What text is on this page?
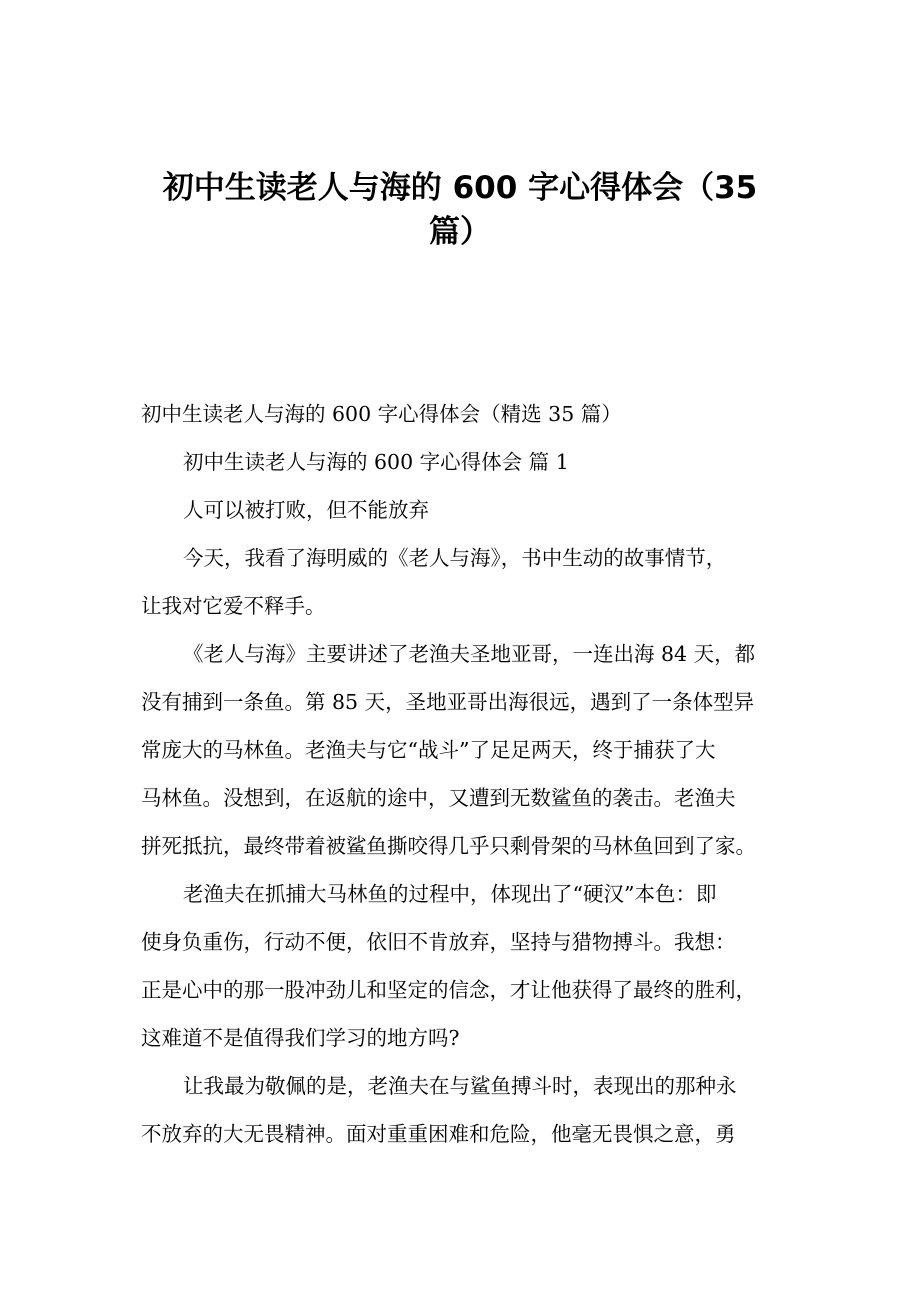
初中生读老人与海的 600 字心得体会（35
篇）
初中生读老人与海的 600 字心得体会（精选 35 篇）
初中生读老人与海的 600 字心得体会 篇 1
人可以被打败，但不能放弃
今天，我看了海明威的《老人与海》，书中生动的故事情节，
让我对它爱不释手。
《老人与海》主要讲述了老渔夫圣地亚哥，一连出海 84 天，都
没有捕到一条鱼。第 85 天，圣地亚哥出海很远，遇到了一条体型异
常庞大的马林鱼。老渔夫与它“战斗”了足足两天，终于捕获了大
马林鱼。没想到，在返航的途中，又遭到无数鲨鱼的袭击。老渔夫
拼死抵抗，最终带着被鲨鱼撕咬得几乎只剩骨架的马林鱼回到了家。
老渔夫在抓捕大马林鱼的过程中，体现出了“硬汉”本色：即
使身负重伤，行动不便，依旧不肯放弃，坚持与猎物搏斗。我想：
正是心中的那一股冲劲儿和坚定的信念，才让他获得了最终的胜利，
这难道不是值得我们学习的地方吗?
让我最为敬佩的是，老渔夫在与鲨鱼搏斗时，表现出的那种永
不放弃的大无畏精神。面对重重困难和危险，他毫无畏惧之意，勇
